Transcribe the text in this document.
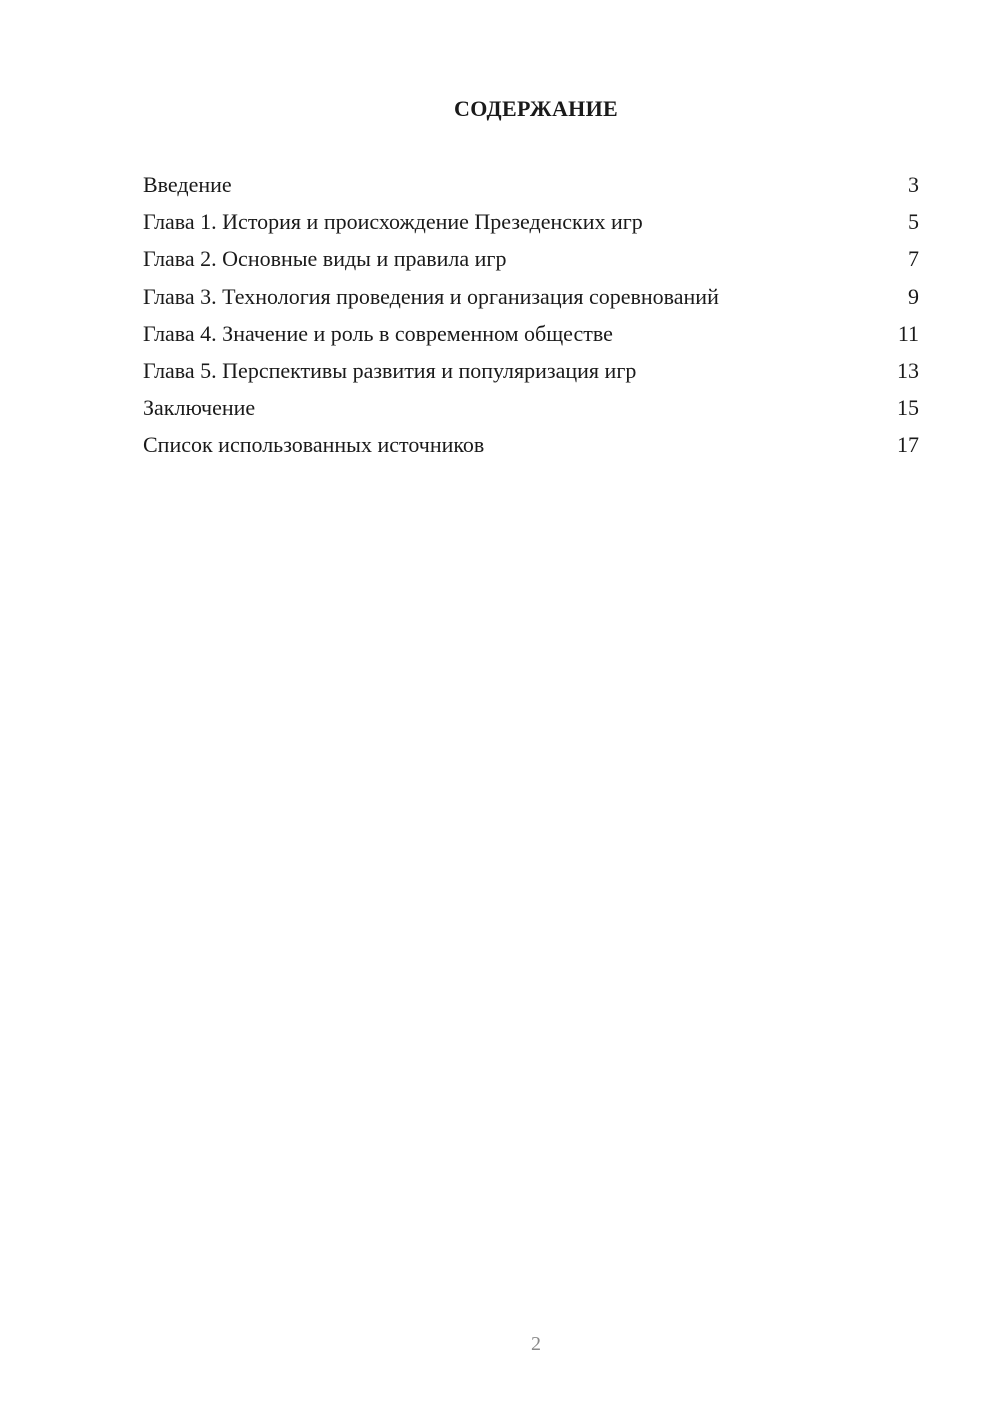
СОДЕРЖАНИЕ
Введение	3
Глава 1. История и происхождение Презеденских игр	5
Глава 2. Основные виды и правила игр	7
Глава 3. Технология проведения и организация соревнований	9
Глава 4. Значение и роль в современном обществе	11
Глава 5. Перспективы развития и популяризация игр	13
Заключение	15
Список использованных источников	17
2
